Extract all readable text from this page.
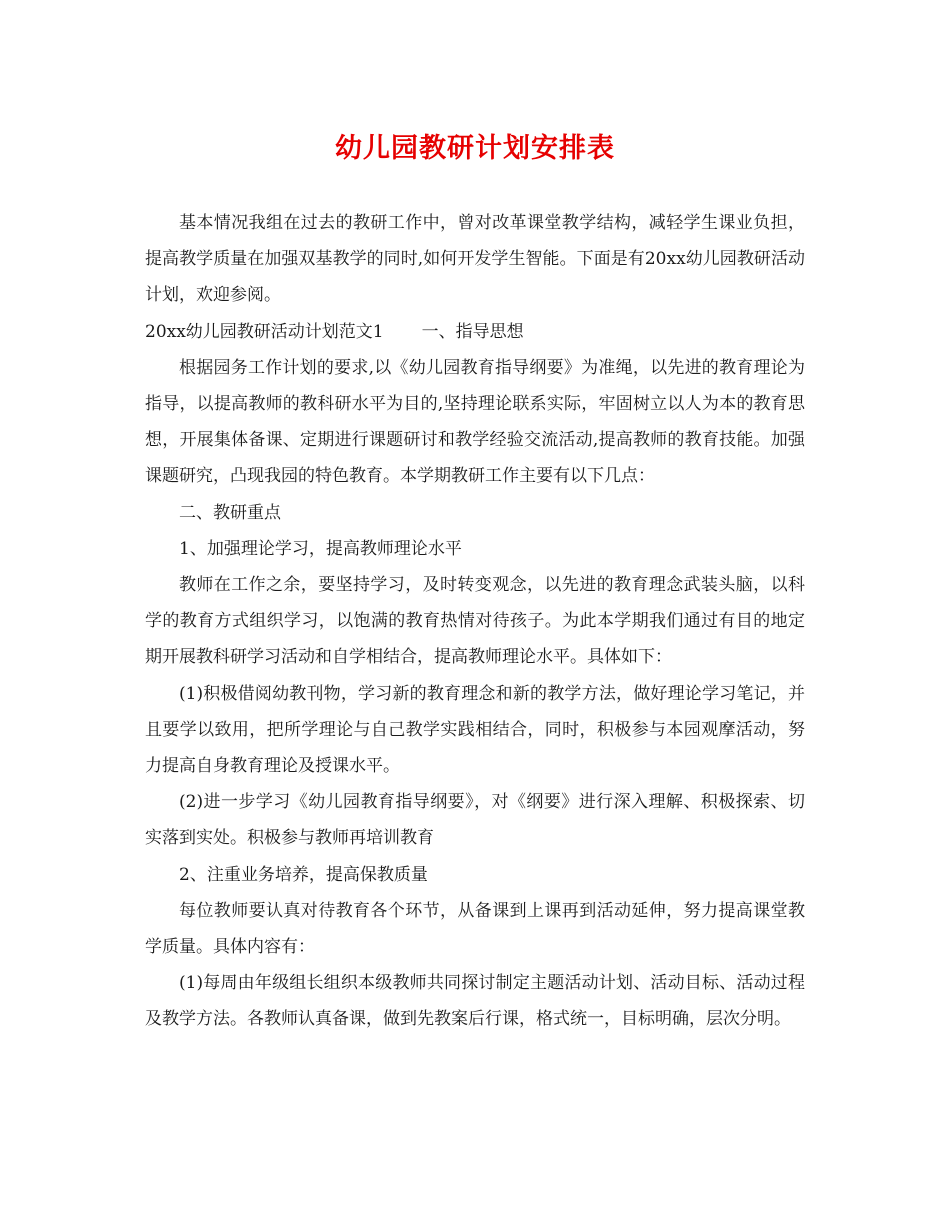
幼儿园教研计划安排表

基本情况我组在过去的教研工作中，曾对改革课堂教学结构，减轻学生课业负担，提高教学质量在加强双基教学的同时,如何开发学生智能。下面是有20xx幼儿园教研活动计划，欢迎参阅。

20xx幼儿园教研活动计划范文1 一、指导思想

根据园务工作计划的要求,以《幼儿园教育指导纲要》为准绳，以先进的教育理论为指导，以提高教师的教科研水平为目的,坚持理论联系实际，牢固树立以人为本的教育思想，开展集体备课、定期进行课题研讨和教学经验交流活动,提高教师的教育技能。加强课题研究，凸现我园的特色教育。本学期教研工作主要有以下几点：

二、教研重点

1、加强理论学习，提高教师理论水平

教师在工作之余，要坚持学习，及时转变观念，以先进的教育理念武装头脑，以科学的教育方式组织学习，以饱满的教育热情对待孩子。为此本学期我们通过有目的地定期开展教科研学习活动和自学相结合，提高教师理论水平。具体如下：

(1)积极借阅幼教刊物，学习新的教育理念和新的教学方法，做好理论学习笔记，并且要学以致用，把所学理论与自己教学实践相结合，同时，积极参与本园观摩活动，努力提高自身教育理论及授课水平。

(2)进一步学习《幼儿园教育指导纲要》，对《纲要》进行深入理解、积极探索、切实落到实处。积极参与教师再培训教育

2、注重业务培养，提高保教质量

每位教师要认真对待教育各个环节，从备课到上课再到活动延伸，努力提高课堂教学质量。具体内容有：

(1)每周由年级组长组织本级教师共同探讨制定主题活动计划、活动目标、活动过程及教学方法。各教师认真备课，做到先教案后行课，格式统一，目标明确，层次分明。
